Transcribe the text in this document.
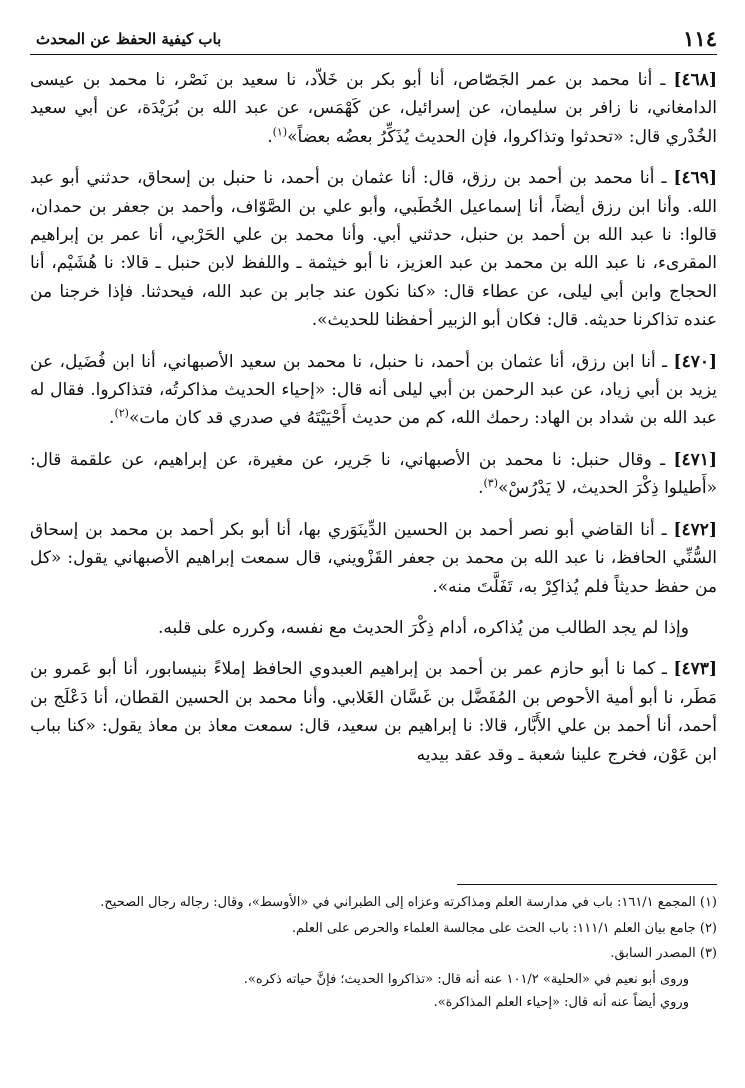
١١٤
باب كيفية الحفظ عن المحدث

[٤٦٨] ـ أنا محمد بن عمر الجَصّاص، أنا أبو بكر بن خَلاّد، نا سعيد بن نَصْر، نا محمد بن عيسى الدامغاني، نا زافر بن سليمان، عن إسرائيل، عن كَهْمَس، عن عبد الله بن بُرَيْدَة، عن أبي سعيد الخُدْري قال: «تحدثوا وتذاكروا، فإن الحديث يُذَكِّرُ بعضُه بعضاً»$^{(١)}$.

[٤٦٩] ـ أنا محمد بن أحمد بن رزق، قال: أنا عثمان بن أحمد، نا حنبل بن إسحاق، حدثني أبو عبد الله. وأنا ابن رزق أيضاً، أنا إسماعيل الخُطَبي، وأبو علي بن الصَّوّاف، وأحمد بن جعفر بن حمدان، قالوا: نا عبد الله بن أحمد بن حنبل، حدثني أبي. وأنا محمد بن علي الحَرْبي، أنا عمر بن إبراهيم المقرىء، نا عبد الله بن محمد بن عبد العزيز، نا أبو خيثمة ـ واللفظ لابن حنبل ـ قالا: نا هُشَيْم، أنا الحجاج وابن أبي ليلى، عن عطاء قال: «كنا نكون عند جابر بن عبد الله، فيحدثنا. فإذا خرجنا من عنده تذاكرنا حديثه. قال: فكان أبو الزبير أحفظنا للحديث».

[٤٧٠] ـ أنا ابن رزق، أنا عثمان بن أحمد، نا حنبل، نا محمد بن سعيد الأصبهاني، أنا ابن فُضَيل، عن يزيد بن أبي زياد، عن عبد الرحمن بن أبي ليلى أنه قال: «إحياء الحديث مذاكرتُه، فتذاكروا. فقال له عبد الله بن شداد بن الهاد: رحمك الله، كم من حديث أَحْيَيْتَهُ في صدري قد كان مات»$^{(٢)}$.

[٤٧١] ـ وقال حنبل: نا محمد بن الأصبهاني، نا جَرير، عن مغيرة، عن إبراهيم، عن علقمة قال: «أَطيلوا ذِكْرَ الحديث، لا يَدْرُسْ»$^{(٣)}$.

[٤٧٢] ـ أنا القاضي أبو نصر أحمد بن الحسين الدِّينَوَري بها، أنا أبو بكر أحمد بن محمد بن إسحاق السُّنِّي الحافظ، نا عبد الله بن محمد بن جعفر القَزْويني، قال سمعت إبراهيم الأصبهاني يقول: «كل من حفظ حديثاً فلم يُذاكِرْ به، تَفَلَّتَ منه».

وإذا لم يجد الطالب من يُذاكره، أدام ذِكْرَ الحديث مع نفسه، وكرره على قلبه.

[٤٧٣] ـ كما نا أبو حازم عمر بن أحمد بن إبراهيم العبدوي الحافظ إملاءً بنيسابور، أنا أبو عَمرو بن مَطَر، نا أبو أمية الأحوص بن المُفَضَّل بن غَسَّان الغَلابي. وأنا محمد بن الحسين القطان، أنا دَعْلَج بن أحمد، أنا أحمد بن علي الأَبَّار، قالا: نا إبراهيم بن سعيد، قال: سمعت معاذ بن معاذ يقول: «كنا بباب ابن عَوْن، فخرج علينا شعبة ـ وقد عقد بيديه

(١) المجمع ١٦١/١: باب في مدارسة العلم ومذاكرته وعزاه إلى الطبراني في «الأوسط»، وقال: رجاله رجال الصحيح.

(٢) جامع بيان العلم ١١١/١: باب الحث على مجالسة العلماء والحرص على العلم.

(٣) المصدر السابق.

وروى أبو نعيم في «الحلية» ١٠١/٢ عنه أنه قال: «تذاكروا الحديث؛ فإنَّ حياته ذكره».

وروي أيضاً عنه أنه قال: «إحياء العلم المذاكرة».
